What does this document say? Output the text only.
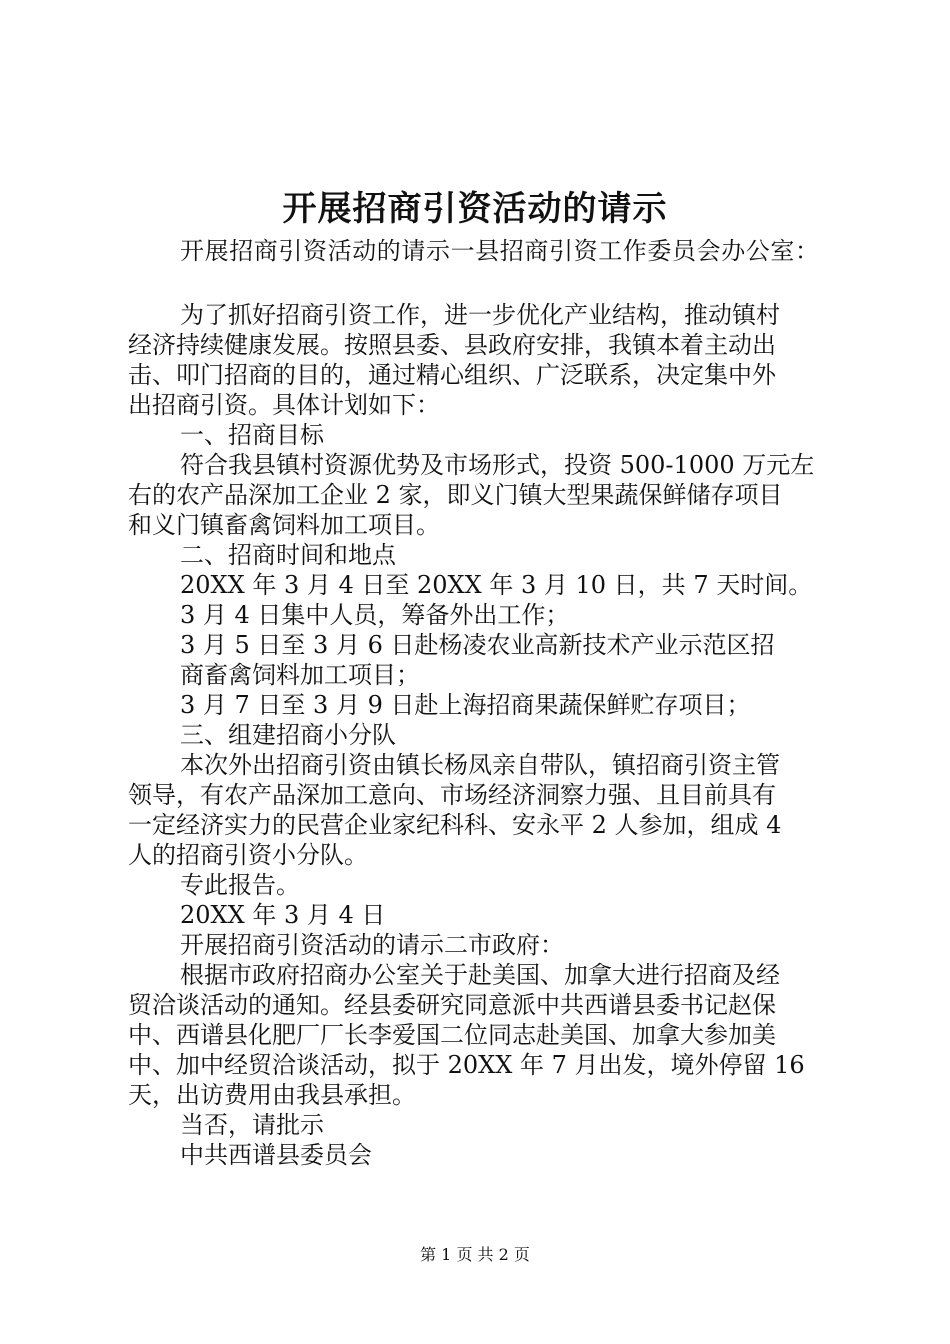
开展招商引资活动的请示

开展招商引资活动的请示一县招商引资工作委员会办公室：

为了抓好招商引资工作，进一步优化产业结构，推动镇村

经济持续健康发展。按照县委、县政府安排，我镇本着主动出

击、叩门招商的目的，通过精心组织、广泛联系，决定集中外

出招商引资。具体计划如下：

一、招商目标

符合我县镇村资源优势及市场形式，投资 500-1000 万元左

右的农产品深加工企业 2 家，即义门镇大型果蔬保鲜储存项目

和义门镇畜禽饲料加工项目。

二、招商时间和地点

20XX 年 3 月 4 日至 20XX 年 3 月 10 日，共 7 天时间。

3 月 4 日集中人员，筹备外出工作；

3 月 5 日至 3 月 6 日赴杨凌农业高新技术产业示范区招

商畜禽饲料加工项目；

3 月 7 日至 3 月 9 日赴上海招商果蔬保鲜贮存项目；

三、组建招商小分队

本次外出招商引资由镇长杨凤亲自带队，镇招商引资主管

领导，有农产品深加工意向、市场经济洞察力强、且目前具有

一定经济实力的民营企业家纪科科、安永平 2 人参加，组成 4

人的招商引资小分队。

专此报告。

20XX 年 3 月 4 日

开展招商引资活动的请示二市政府：

根据市政府招商办公室关于赴美国、加拿大进行招商及经

贸洽谈活动的通知。经县委研究同意派中共西谱县委书记赵保

中、西谱县化肥厂厂长李爱国二位同志赴美国、加拿大参加美

中、加中经贸洽谈活动，拟于 20XX 年 7 月出发，境外停留 16

天，出访费用由我县承担。

当否，请批示

中共西谱县委员会

第 1 页 共 2 页
